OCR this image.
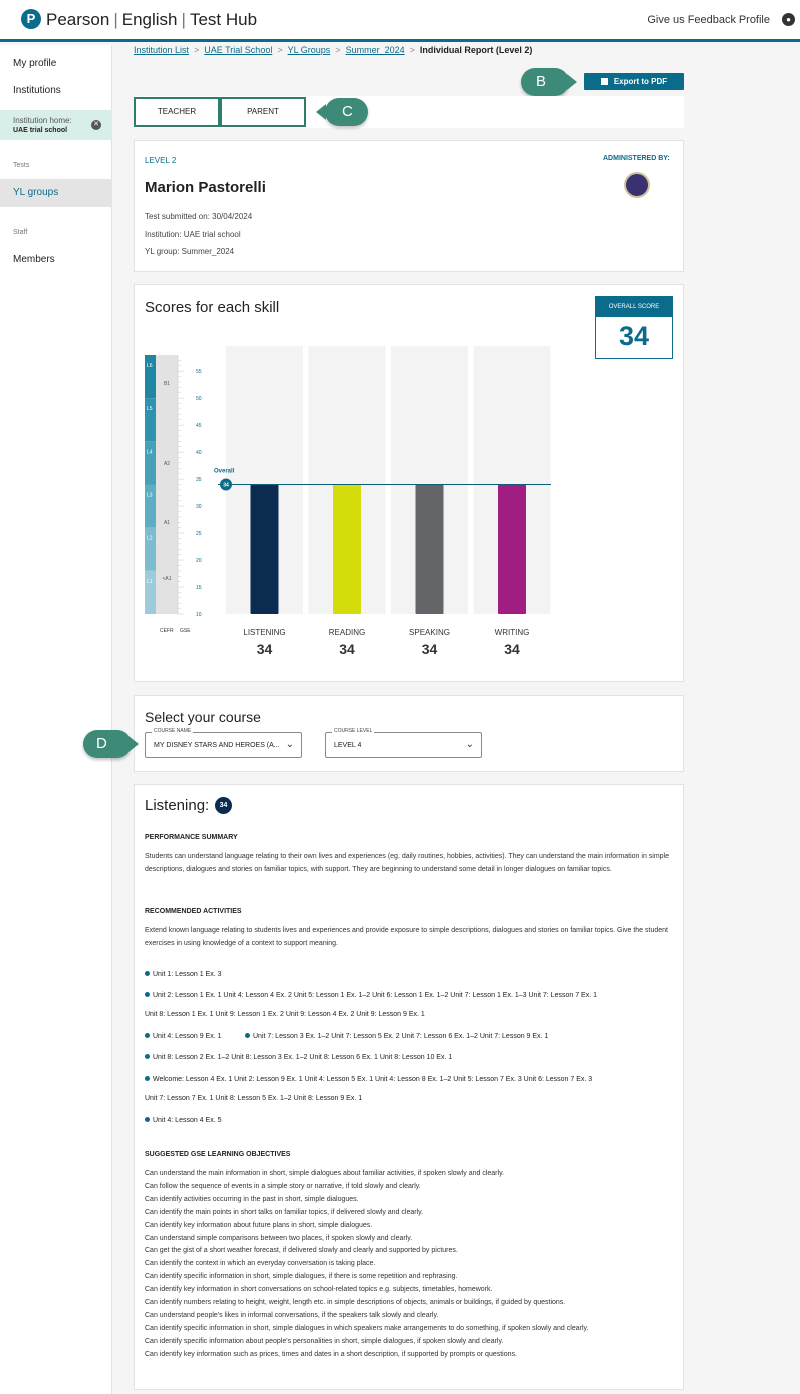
P Pearson | English | Test Hub	Give us Feedback Profile	●
My profile
Institutions
Institution home:
UAE trial school
✕
Tests
YL groups
Staff
Members
Institution List > UAE Trial School > YL Groups > Summer_2024 > Individual Report (Level 2)
B	Export to PDF
TEACHER	PARENT	C
LEVEL 2	ADMINISTERED BY:
Marion Pastorelli
Test submitted on: 30/04/2024
Institution: UAE trial school
YL group: Summer_2024
Scores for each skill	OVERALL SCORE
34
L6
L5
L4
L3
L2
L1
B1
A2
A1
<A1
55
50
45
40
35
30
25
20
15
10
CEFR GSE
34
Overall
LISTENING
34
READING
34
SPEAKING
34
WRITING
34
Select your course
COURSE NAME
MY DISNEY STARS AND HEROES (A... ⌄
COURSE LEVEL
LEVEL 4	⌄
D
Listening:	34
PERFORMANCE SUMMARY
Students can understand language relating to their own lives and experiences (eg. daily routines, hobbies, activities). They can understand the main information in simple descriptions, dialogues and stories on familiar topics, with support. They are beginning to understand some detail in longer dialogues on familiar topics.
RECOMMENDED ACTIVITIES
Extend known language relating to students lives and experiences and provide exposure to simple descriptions, dialogues and stories on familiar topics. Give the student exercises in using knowledge of a context to support meaning.
Unit 1: Lesson 1 Ex. 3
Unit 2: Lesson 1 Ex. 1 Unit 4: Lesson 4 Ex. 2 Unit 5: Lesson 1 Ex. 1–2 Unit 6: Lesson 1 Ex. 1–2 Unit 7: Lesson 1 Ex. 1–3 Unit 7: Lesson 7 Ex. 1
Unit 8: Lesson 1 Ex. 1 Unit 9: Lesson 1 Ex. 2 Unit 9: Lesson 4 Ex. 2 Unit 9: Lesson 9 Ex. 1
Unit 4: Lesson 9 Ex. 1	Unit 7: Lesson 3 Ex. 1–2 Unit 7: Lesson 5 Ex. 2 Unit 7: Lesson 6 Ex. 1–2 Unit 7: Lesson 9 Ex. 1
Unit 8: Lesson 2 Ex. 1–2 Unit 8: Lesson 3 Ex. 1–2 Unit 8: Lesson 6 Ex. 1 Unit 8: Lesson 10 Ex. 1
Welcome: Lesson 4 Ex. 1 Unit 2: Lesson 9 Ex. 1 Unit 4: Lesson 5 Ex. 1 Unit 4: Lesson 8 Ex. 1–2 Unit 5: Lesson 7 Ex. 3 Unit 6: Lesson 7 Ex. 3
Unit 7: Lesson 7 Ex. 1 Unit 8: Lesson 5 Ex. 1–2 Unit 8: Lesson 9 Ex. 1
Unit 4: Lesson 4 Ex. 5
SUGGESTED GSE LEARNING OBJECTIVES
Can understand the main information in short, simple dialogues about familiar activities, if spoken slowly and clearly.
Can follow the sequence of events in a simple story or narrative, if told slowly and clearly.
Can identify activities occurring in the past in short, simple dialogues.
Can identify the main points in short talks on familiar topics, if delivered slowly and clearly.
Can identify key information about future plans in short, simple dialogues.
Can understand simple comparisons between two places, if spoken slowly and clearly.
Can get the gist of a short weather forecast, if delivered slowly and clearly and supported by pictures.
Can identify the context in which an everyday conversation is taking place.
Can identify specific information in short, simple dialogues, if there is some repetition and rephrasing.
Can identify key information in short conversations on school-related topics e.g. subjects, timetables, homework.
Can identify numbers relating to height, weight, length etc. in simple descriptions of objects, animals or buildings, if guided by questions.
Can understand people's likes in informal conversations, if the speakers talk slowly and clearly.
Can identify specific information in short, simple dialogues in which speakers make arrangements to do something, if spoken slowly and clearly.
Can identify specific information about people's personalities in short, simple dialogues, if spoken slowly and clearly.
Can identify key information such as prices, times and dates in a short description, if supported by prompts or questions.
